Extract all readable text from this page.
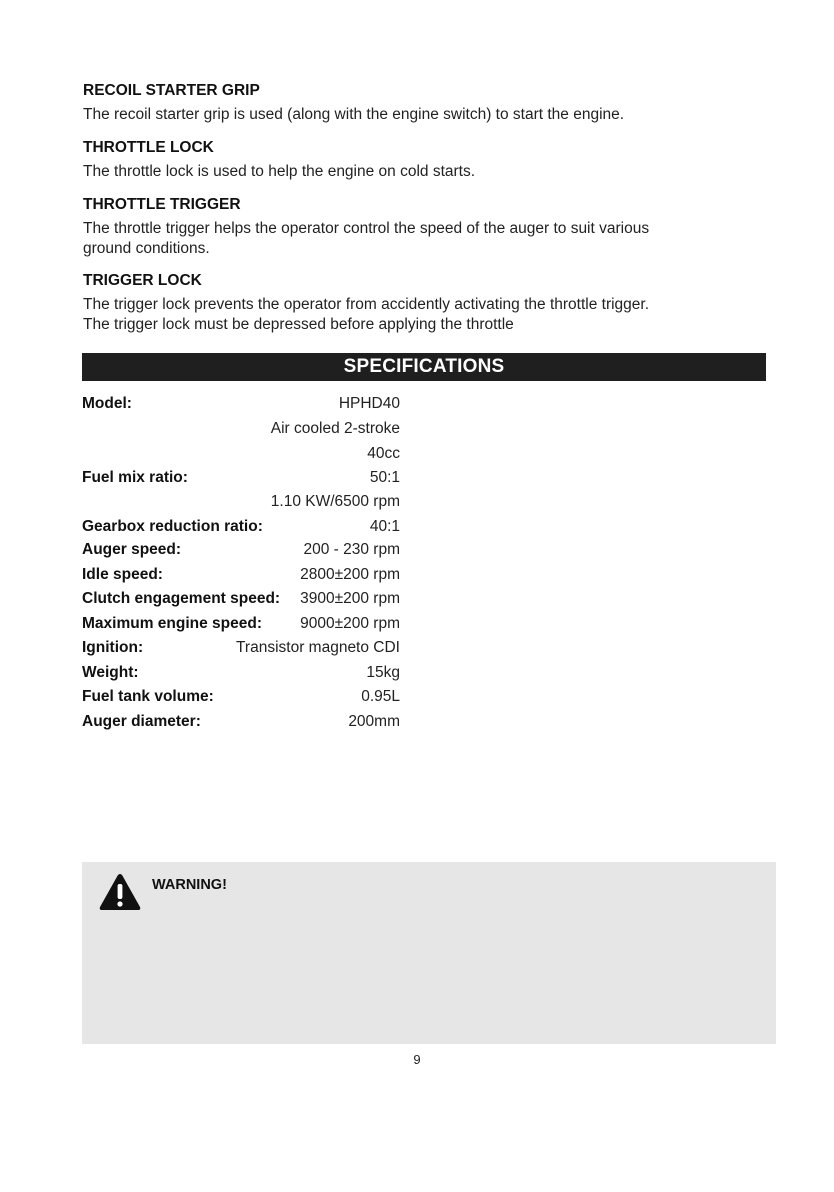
RECOIL STARTER GRIP

The recoil starter grip is used (along with the engine switch) to start the engine.

THROTTLE LOCK

The throttle lock is used to help the engine on cold starts.

THROTTLE TRIGGER

The throttle trigger helps the operator control the speed of the auger to suit various

ground conditions.

TRIGGER LOCK

The trigger lock prevents the operator from accidently activating the throttle trigger.

The trigger lock must be depressed before applying the throttle

SPECIFICATIONS
Model:	HPHD40
Air cooled 2-stroke
40cc
Fuel mix ratio:	50:1
1.10 KW/6500 rpm
Gearbox reduction ratio:	40:1
Auger speed:	200 - 230 rpm
Idle speed:	2800±200 rpm
Clutch engagement speed: 3900±200 rpm
Maximum engine speed: 9000±200 rpm
Ignition:	Transistor magneto CDI
Weight:	15kg
Fuel tank volume:	0.95L
Auger diameter:	200mm
WARNING!
9
